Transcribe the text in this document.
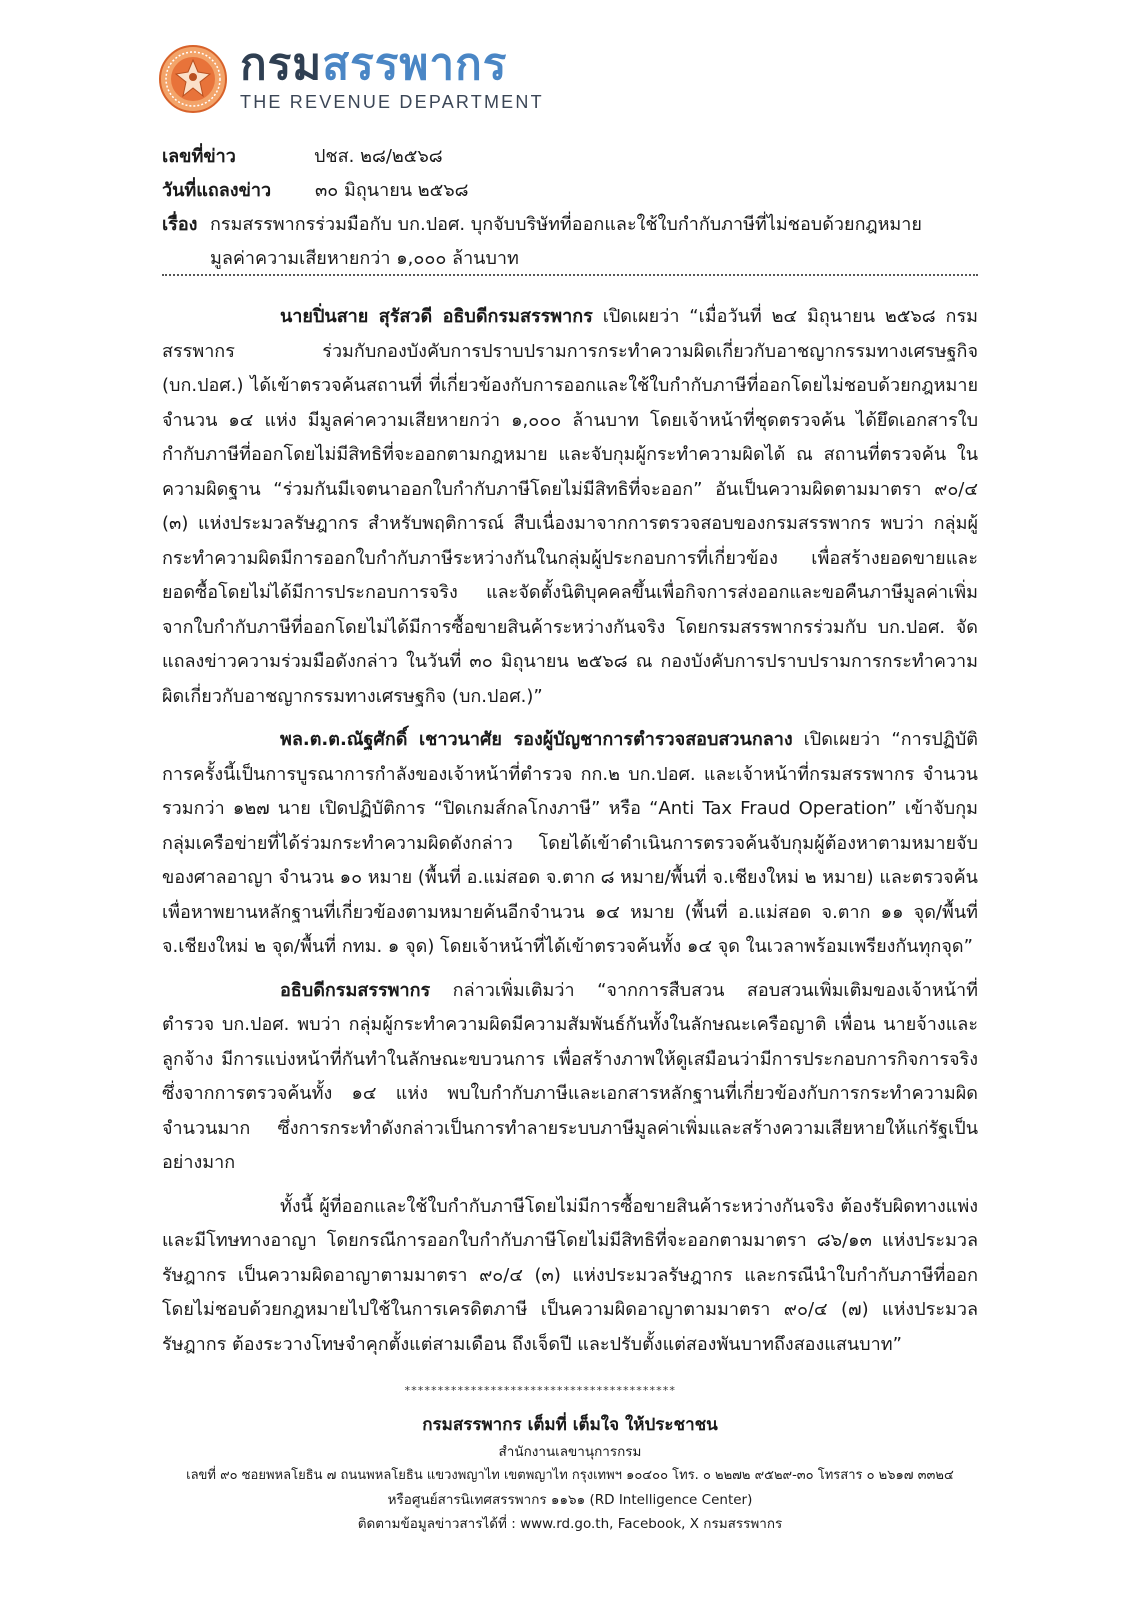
กรมสรรพากร
THE REVENUE DEPARTMENT
เลขที่ข่าว	ปชส. ๒๘/๒๕๖๘
วันที่แถลงข่าว ๓๐ มิถุนายน ๒๕๖๘
เรื่อง กรมสรรพากรร่วมมือกับ บก.ปอศ. บุกจับบริษัทที่ออกและใช้ใบกำกับภาษีที่ไม่ชอบด้วยกฎหมาย
มูลค่าความเสียหายกว่า ๑,๐๐๐ ล้านบาท

นายปิ่นสาย สุรัสวดี อธิบดีกรมสรรพากร เปิดเผยว่า “เมื่อวันที่ ๒๔ มิถุนายน ๒๕๖๘ กรมสรรพากร ร่วมกับกองบังคับการปราบปรามการกระทำความผิดเกี่ยวกับอาชญากรรมทางเศรษฐกิจ (บก.ปอศ.) ได้เข้าตรวจค้นสถานที่ ที่เกี่ยวข้องกับการออกและใช้ใบกำกับภาษีที่ออกโดยไม่ชอบด้วยกฎหมาย จำนวน ๑๔ แห่ง มีมูลค่าความเสียหายกว่า ๑,๐๐๐ ล้านบาท โดยเจ้าหน้าที่ชุดตรวจค้น ได้ยึดเอกสารใบกำกับภาษีที่ออกโดยไม่มีสิทธิที่จะออกตามกฎหมาย และจับกุมผู้กระทำความผิดได้ ณ สถานที่ตรวจค้น ในความผิดฐาน “ร่วมกันมีเจตนาออกใบกำกับภาษีโดยไม่มีสิทธิที่จะออก” อันเป็นความผิดตามมาตรา ๙๐/๔ (๓) แห่งประมวลรัษฎากร สำหรับพฤติการณ์ สืบเนื่องมาจากการตรวจสอบของกรมสรรพากร พบว่า กลุ่มผู้กระทำความผิดมีการออกใบกำกับภาษีระหว่างกันในกลุ่มผู้ประกอบการที่เกี่ยวข้อง เพื่อสร้างยอดขายและยอดซื้อโดยไม่ได้มีการประกอบการจริง และจัดตั้งนิติบุคคลขึ้นเพื่อกิจการส่งออกและขอคืนภาษีมูลค่าเพิ่มจากใบกำกับภาษีที่ออกโดยไม่ได้มีการซื้อขายสินค้าระหว่างกันจริง โดยกรมสรรพากรร่วมกับ บก.ปอศ. จัดแถลงข่าวความร่วมมือดังกล่าว ในวันที่ ๓๐ มิถุนายน ๒๕๖๘ ณ กองบังคับการปราบปรามการกระทำความผิดเกี่ยวกับอาชญากรรมทางเศรษฐกิจ (บก.ปอศ.)”

พล.ต.ต.ณัฐศักดิ์ เชาวนาศัย รองผู้บัญชาการตำรวจสอบสวนกลาง เปิดเผยว่า “การปฏิบัติการครั้งนี้เป็นการบูรณาการกำลังของเจ้าหน้าที่ตำรวจ กก.๒ บก.ปอศ. และเจ้าหน้าที่กรมสรรพากร จำนวนรวมกว่า ๑๒๗ นาย เปิดปฏิบัติการ “ปิดเกมส์กลโกงภาษี” หรือ “Anti Tax Fraud Operation” เข้าจับกุมกลุ่มเครือข่ายที่ได้ร่วมกระทำความผิดดังกล่าว โดยได้เข้าดำเนินการตรวจค้นจับกุมผู้ต้องหาตามหมายจับของศาลอาญา จำนวน ๑๐ หมาย (พื้นที่ อ.แม่สอด จ.ตาก ๘ หมาย/พื้นที่ จ.เชียงใหม่ ๒ หมาย) และตรวจค้นเพื่อหาพยานหลักฐานที่เกี่ยวข้องตามหมายค้นอีกจำนวน ๑๔ หมาย (พื้นที่ อ.แม่สอด จ.ตาก ๑๑ จุด/พื้นที่ จ.เชียงใหม่ ๒ จุด/พื้นที่ กทม. ๑ จุด) โดยเจ้าหน้าที่ได้เข้าตรวจค้นทั้ง ๑๔ จุด ในเวลาพร้อมเพรียงกันทุกจุด”

อธิบดีกรมสรรพากร กล่าวเพิ่มเติมว่า “จากการสืบสวน สอบสวนเพิ่มเติมของเจ้าหน้าที่ตำรวจ บก.ปอศ. พบว่า กลุ่มผู้กระทำความผิดมีความสัมพันธ์กันทั้งในลักษณะเครือญาติ เพื่อน นายจ้างและลูกจ้าง มีการแบ่งหน้าที่กันทำในลักษณะขบวนการ เพื่อสร้างภาพให้ดูเสมือนว่ามีการประกอบการกิจการจริง ซึ่งจากการตรวจค้นทั้ง ๑๔ แห่ง พบใบกำกับภาษีและเอกสารหลักฐานที่เกี่ยวข้องกับการกระทำความผิดจำนวนมาก ซึ่งการกระทำดังกล่าวเป็นการทำลายระบบภาษีมูลค่าเพิ่มและสร้างความเสียหายให้แก่รัฐเป็นอย่างมาก

ทั้งนี้ ผู้ที่ออกและใช้ใบกำกับภาษีโดยไม่มีการซื้อขายสินค้าระหว่างกันจริง ต้องรับผิดทางแพ่งและมีโทษทางอาญา โดยกรณีการออกใบกำกับภาษีโดยไม่มีสิทธิที่จะออกตามมาตรา ๘๖/๑๓ แห่งประมวลรัษฎากร เป็นความผิดอาญาตามมาตรา ๙๐/๔ (๓) แห่งประมวลรัษฎากร และกรณีนำใบกำกับภาษีที่ออกโดยไม่ชอบด้วยกฎหมายไปใช้ในการเครดิตภาษี เป็นความผิดอาญาตามมาตรา ๙๐/๔ (๗) แห่งประมวลรัษฎากร ต้องระวางโทษจำคุกตั้งแต่สามเดือน ถึงเจ็ดปี และปรับตั้งแต่สองพันบาทถึงสองแสนบาท”

*****************************************
กรมสรรพากร เต็มที่ เต็มใจ ให้ประชาชน
สำนักงานเลขานุการกรม
เลขที่ ๙๐ ซอยพหลโยธิน ๗ ถนนพหลโยธิน แขวงพญาไท เขตพญาไท กรุงเทพฯ ๑๐๔๐๐ โทร. ๐ ๒๒๗๒ ๙๕๒๙-๓๐ โทรสาร ๐ ๒๖๑๗ ๓๓๒๔
หรือศูนย์สารนิเทศสรรพากร ๑๑๖๑ (RD Intelligence Center)
ติดตามข้อมูลข่าวสารได้ที่ : www.rd.go.th, Facebook, X กรมสรรพากร
